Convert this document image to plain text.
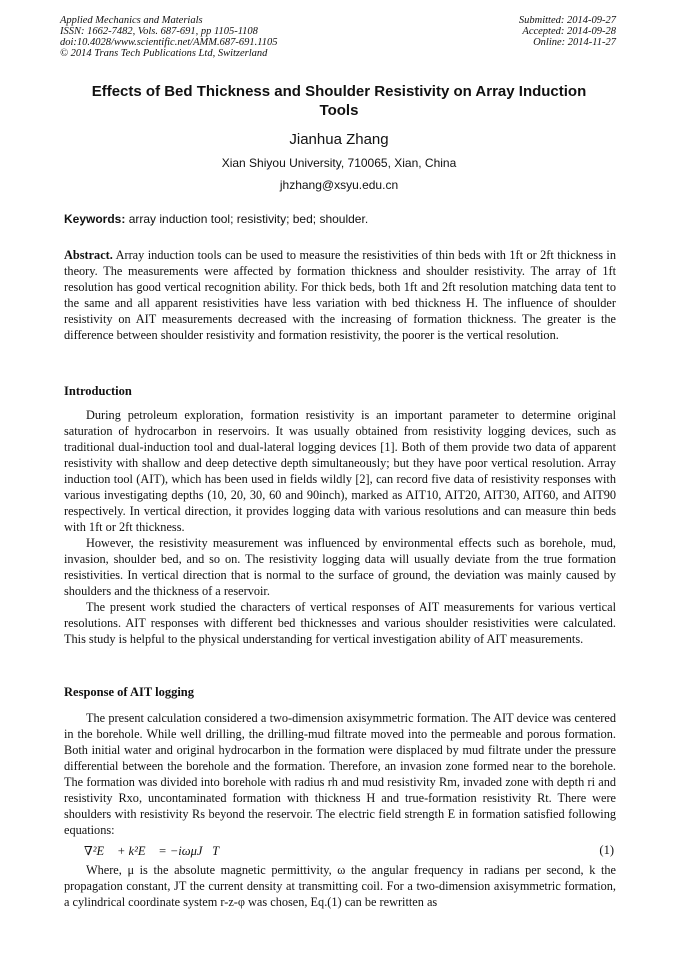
Applied Mechanics and Materials
ISSN: 1662-7482, Vols. 687-691, pp 1105-1108
doi:10.4028/www.scientific.net/AMM.687-691.1105
© 2014 Trans Tech Publications Ltd, Switzerland
Submitted: 2014-09-27
Accepted: 2014-09-28
Online: 2014-11-27
Effects of Bed Thickness and Shoulder Resistivity on Array Induction Tools
Jianhua Zhang
Xian Shiyou University, 710065, Xian, China
jhzhang@xsyu.edu.cn
Keywords: array induction tool; resistivity; bed; shoulder.

Abstract. Array induction tools can be used to measure the resistivities of thin beds with 1ft or 2ft thickness in theory. The measurements were affected by formation thickness and shoulder resistivity. The array of 1ft resolution has good vertical recognition ability. For thick beds, both 1ft and 2ft resolution matching data tent to the same and all apparent resistivities have less variation with bed thickness H. The influence of shoulder resistivity on AIT measurements decreased with the increasing of formation thickness. The greater is the difference between shoulder resistivity and formation resistivity, the poorer is the vertical resolution.

Introduction

During petroleum exploration, formation resistivity is an important parameter to determine original saturation of hydrocarbon in reservoirs. It was usually obtained from resistivity logging devices, such as traditional dual-induction tool and dual-lateral logging devices [1]. Both of them provide two data of apparent resistivity with shallow and deep detective depth simultaneously; but they have poor vertical resolution. Array induction tool (AIT), which has been used in fields wildly [2], can record five data of resistivity responses with various investigating depths (10, 20, 30, 60 and 90inch), marked as AIT10, AIT20, AIT30, AIT60, and AIT90 respectively. In vertical direction, it provides logging data with various resolutions and can measure thin beds with 1ft or 2ft thickness.

However, the resistivity measurement was influenced by environmental effects such as borehole, mud, invasion, shoulder bed, and so on. The resistivity logging data will usually deviate from the true formation resistivities. In vertical direction that is normal to the surface of ground, the deviation was mainly caused by shoulders and the thickness of a reservoir.

The present work studied the characters of vertical responses of AIT measurements for various vertical resolutions. AIT responses with different bed thicknesses and various shoulder resistivities were calculated. This study is helpful to the physical understanding for vertical investigation ability of AIT measurements.

Response of AIT logging

The present calculation considered a two-dimension axisymmetric formation. The AIT device was centered in the borehole. While well drilling, the drilling-mud filtrate moved into the permeable and porous formation. Both initial water and original hydrocarbon in the formation were displaced by mud filtrate under the pressure differential between the borehole and the formation. Therefore, an invasion zone formed near to the borehole. The formation was divided into borehole with radius rh and mud resistivity Rm, invaded zone with depth ri and resistivity Rxo, uncontaminated formation with thickness H and true-formation resistivity Rt. There were shoulders with resistivity Rs beyond the reservoir. The electric field strength E in formation satisfied following equations:

∇²E⃗ + k²E⃗ = −iωμJ⃗T	(1)

Where, μ is the absolute magnetic permittivity, ω the angular frequency in radians per second, k the propagation constant, JT the current density at transmitting coil. For a two-dimension axisymmetric formation, a cylindrical coordinate system r-z-φ was chosen, Eq.(1) can be rewritten as
